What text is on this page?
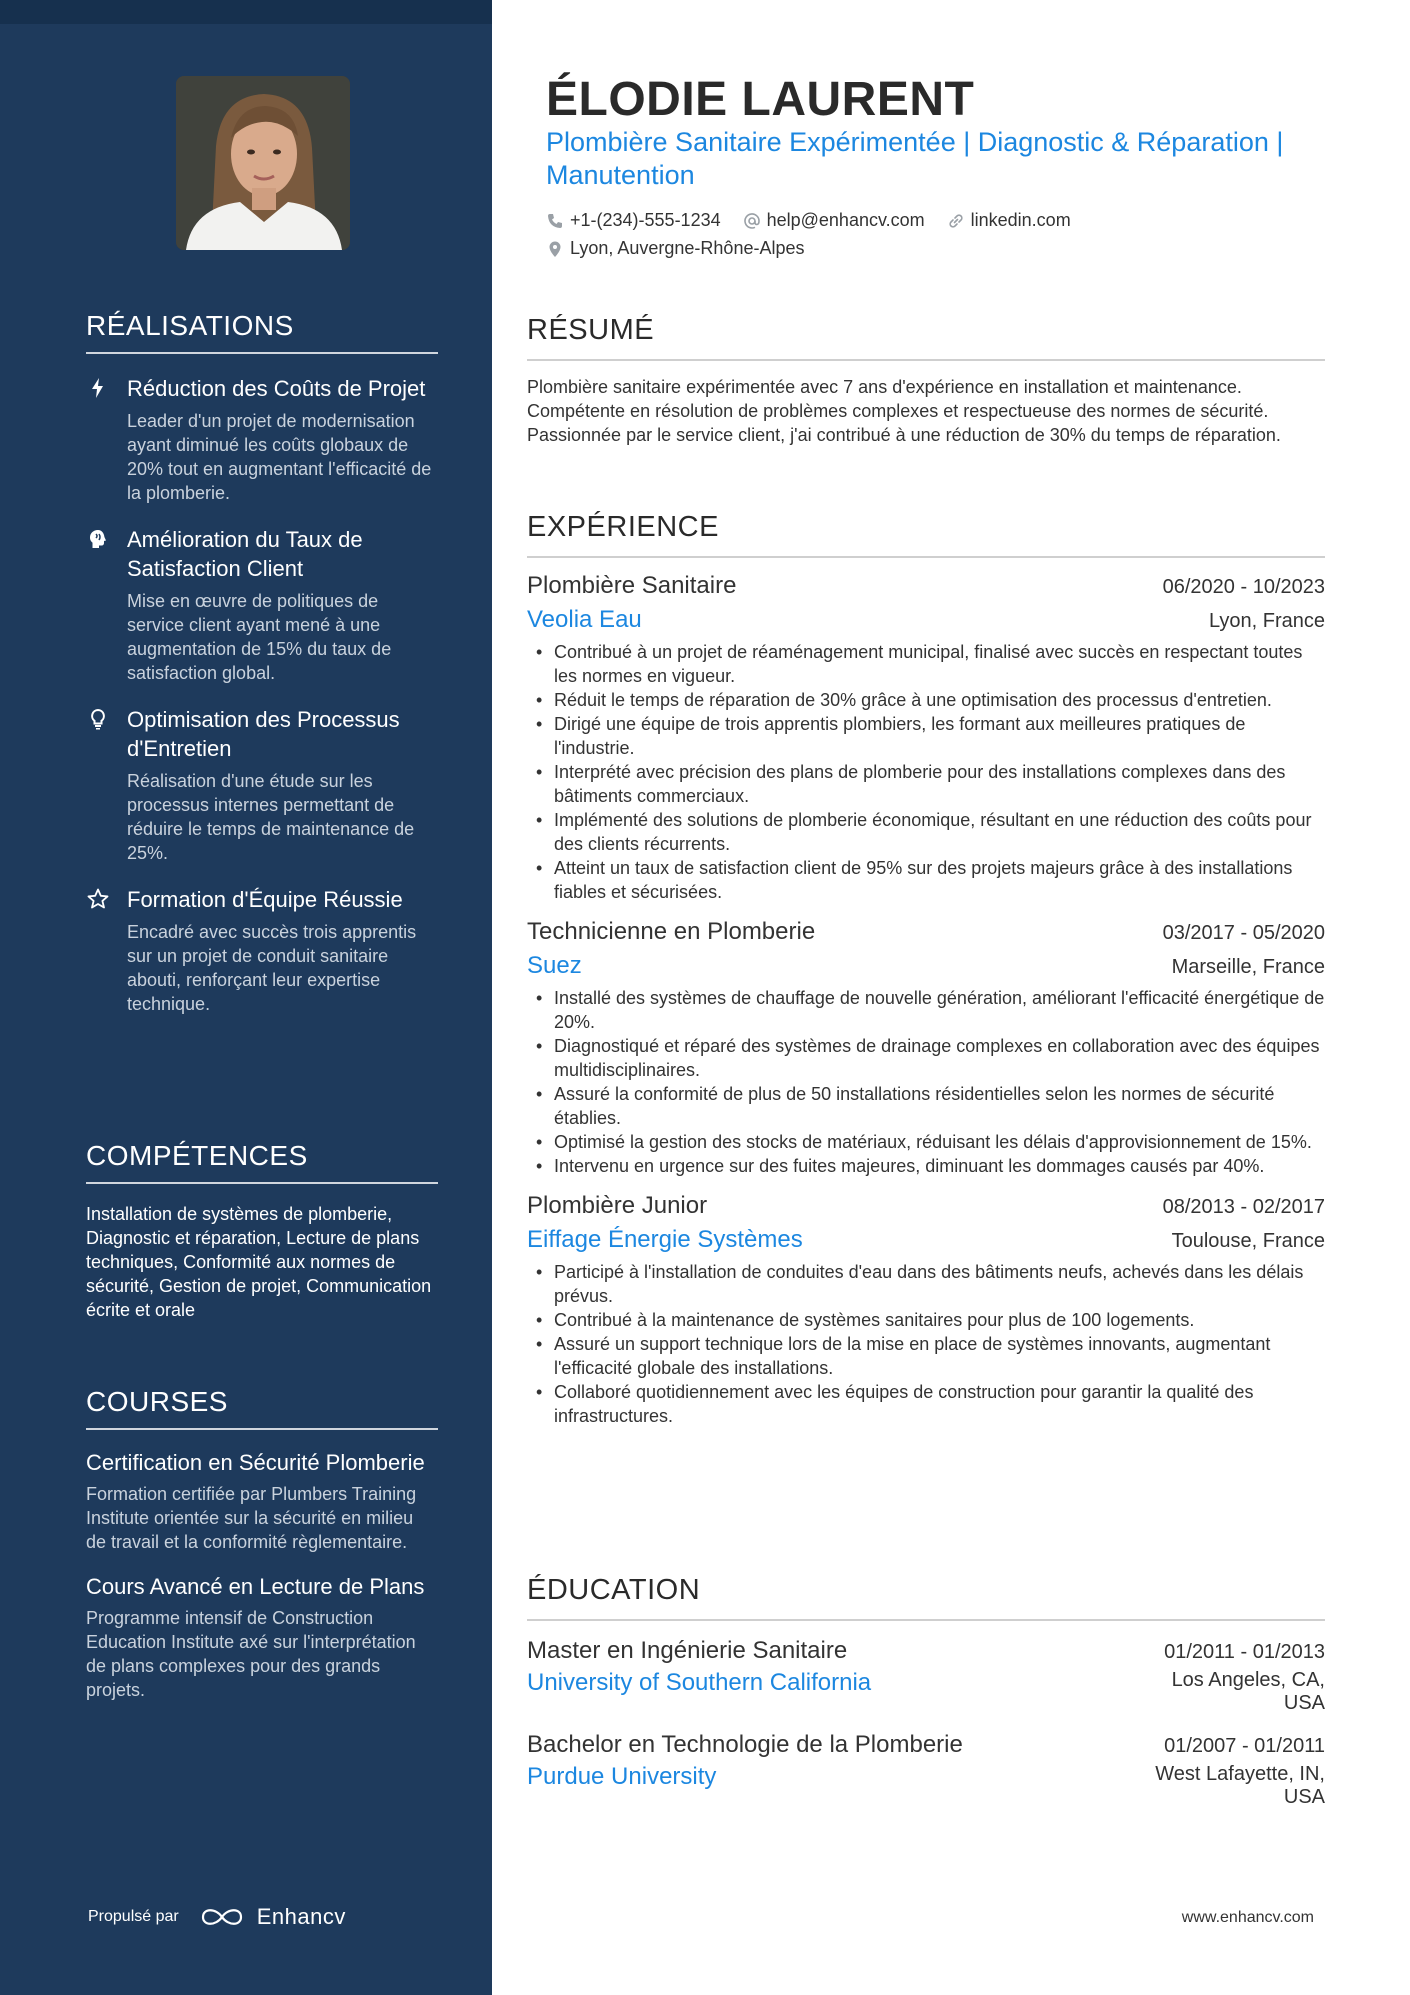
RÉALISATIONS
Réduction des Coûts de Projet
Leader d'un projet de modernisation ayant diminué les coûts globaux de 20% tout en augmentant l'efficacité de la plomberie.
Amélioration du Taux de Satisfaction Client
Mise en œuvre de politiques de service client ayant mené à une augmentation de 15% du taux de satisfaction global.
Optimisation des Processus d'Entretien
Réalisation d'une étude sur les processus internes permettant de réduire le temps de maintenance de 25%.
Formation d'Équipe Réussie
Encadré avec succès trois apprentis sur un projet de conduit sanitaire abouti, renforçant leur expertise technique.
COMPÉTENCES
Installation de systèmes de plomberie, Diagnostic et réparation, Lecture de plans techniques, Conformité aux normes de sécurité, Gestion de projet, Communication écrite et orale
COURSES
Certification en Sécurité Plomberie
Formation certifiée par Plumbers Training Institute orientée sur la sécurité en milieu de travail et la conformité règlementaire.
Cours Avancé en Lecture de Plans
Programme intensif de Construction Education Institute axé sur l'interprétation de plans complexes pour des grands projets.
Propulsé par	Enhancv
ÉLODIE LAURENT
Plombière Sanitaire Expérimentée | Diagnostic & Réparation | Manutention
+1-(234)-555-1234	help@enhancv.com	linkedin.com
Lyon, Auvergne-Rhône-Alpes
RÉSUMÉ
Plombière sanitaire expérimentée avec 7 ans d'expérience en installation et maintenance. Compétente en résolution de problèmes complexes et respectueuse des normes de sécurité. Passionnée par le service client, j'ai contribué à une réduction de 30% du temps de réparation.
EXPÉRIENCE
Plombière Sanitaire	06/2020 - 10/2023
Veolia Eau	Lyon, France
• Contribué à un projet de réaménagement municipal, finalisé avec succès en respectant toutes les normes en vigueur.
• Réduit le temps de réparation de 30% grâce à une optimisation des processus d'entretien.
• Dirigé une équipe de trois apprentis plombiers, les formant aux meilleures pratiques de l'industrie.
• Interprété avec précision des plans de plomberie pour des installations complexes dans des bâtiments commerciaux.
• Implémenté des solutions de plomberie économique, résultant en une réduction des coûts pour des clients récurrents.
• Atteint un taux de satisfaction client de 95% sur des projets majeurs grâce à des installations fiables et sécurisées.
Technicienne en Plomberie	03/2017 - 05/2020
Suez	Marseille, France
• Installé des systèmes de chauffage de nouvelle génération, améliorant l'efficacité énergétique de 20%.
• Diagnostiqué et réparé des systèmes de drainage complexes en collaboration avec des équipes multidisciplinaires.
• Assuré la conformité de plus de 50 installations résidentielles selon les normes de sécurité établies.
• Optimisé la gestion des stocks de matériaux, réduisant les délais d'approvisionnement de 15%.
• Intervenu en urgence sur des fuites majeures, diminuant les dommages causés par 40%.
Plombière Junior	08/2013 - 02/2017
Eiffage Énergie Systèmes	Toulouse, France
• Participé à l'installation de conduites d'eau dans des bâtiments neufs, achevés dans les délais prévus.
• Contribué à la maintenance de systèmes sanitaires pour plus de 100 logements.
• Assuré un support technique lors de la mise en place de systèmes innovants, augmentant l'efficacité globale des installations.
• Collaboré quotidiennement avec les équipes de construction pour garantir la qualité des infrastructures.
ÉDUCATION
Master en Ingénierie Sanitaire	01/2011 - 01/2013
University of Southern California	Los Angeles, CA,
USA
Bachelor en Technologie de la Plomberie	01/2007 - 01/2011
Purdue University	West Lafayette, IN,
USA
www.enhancv.com
